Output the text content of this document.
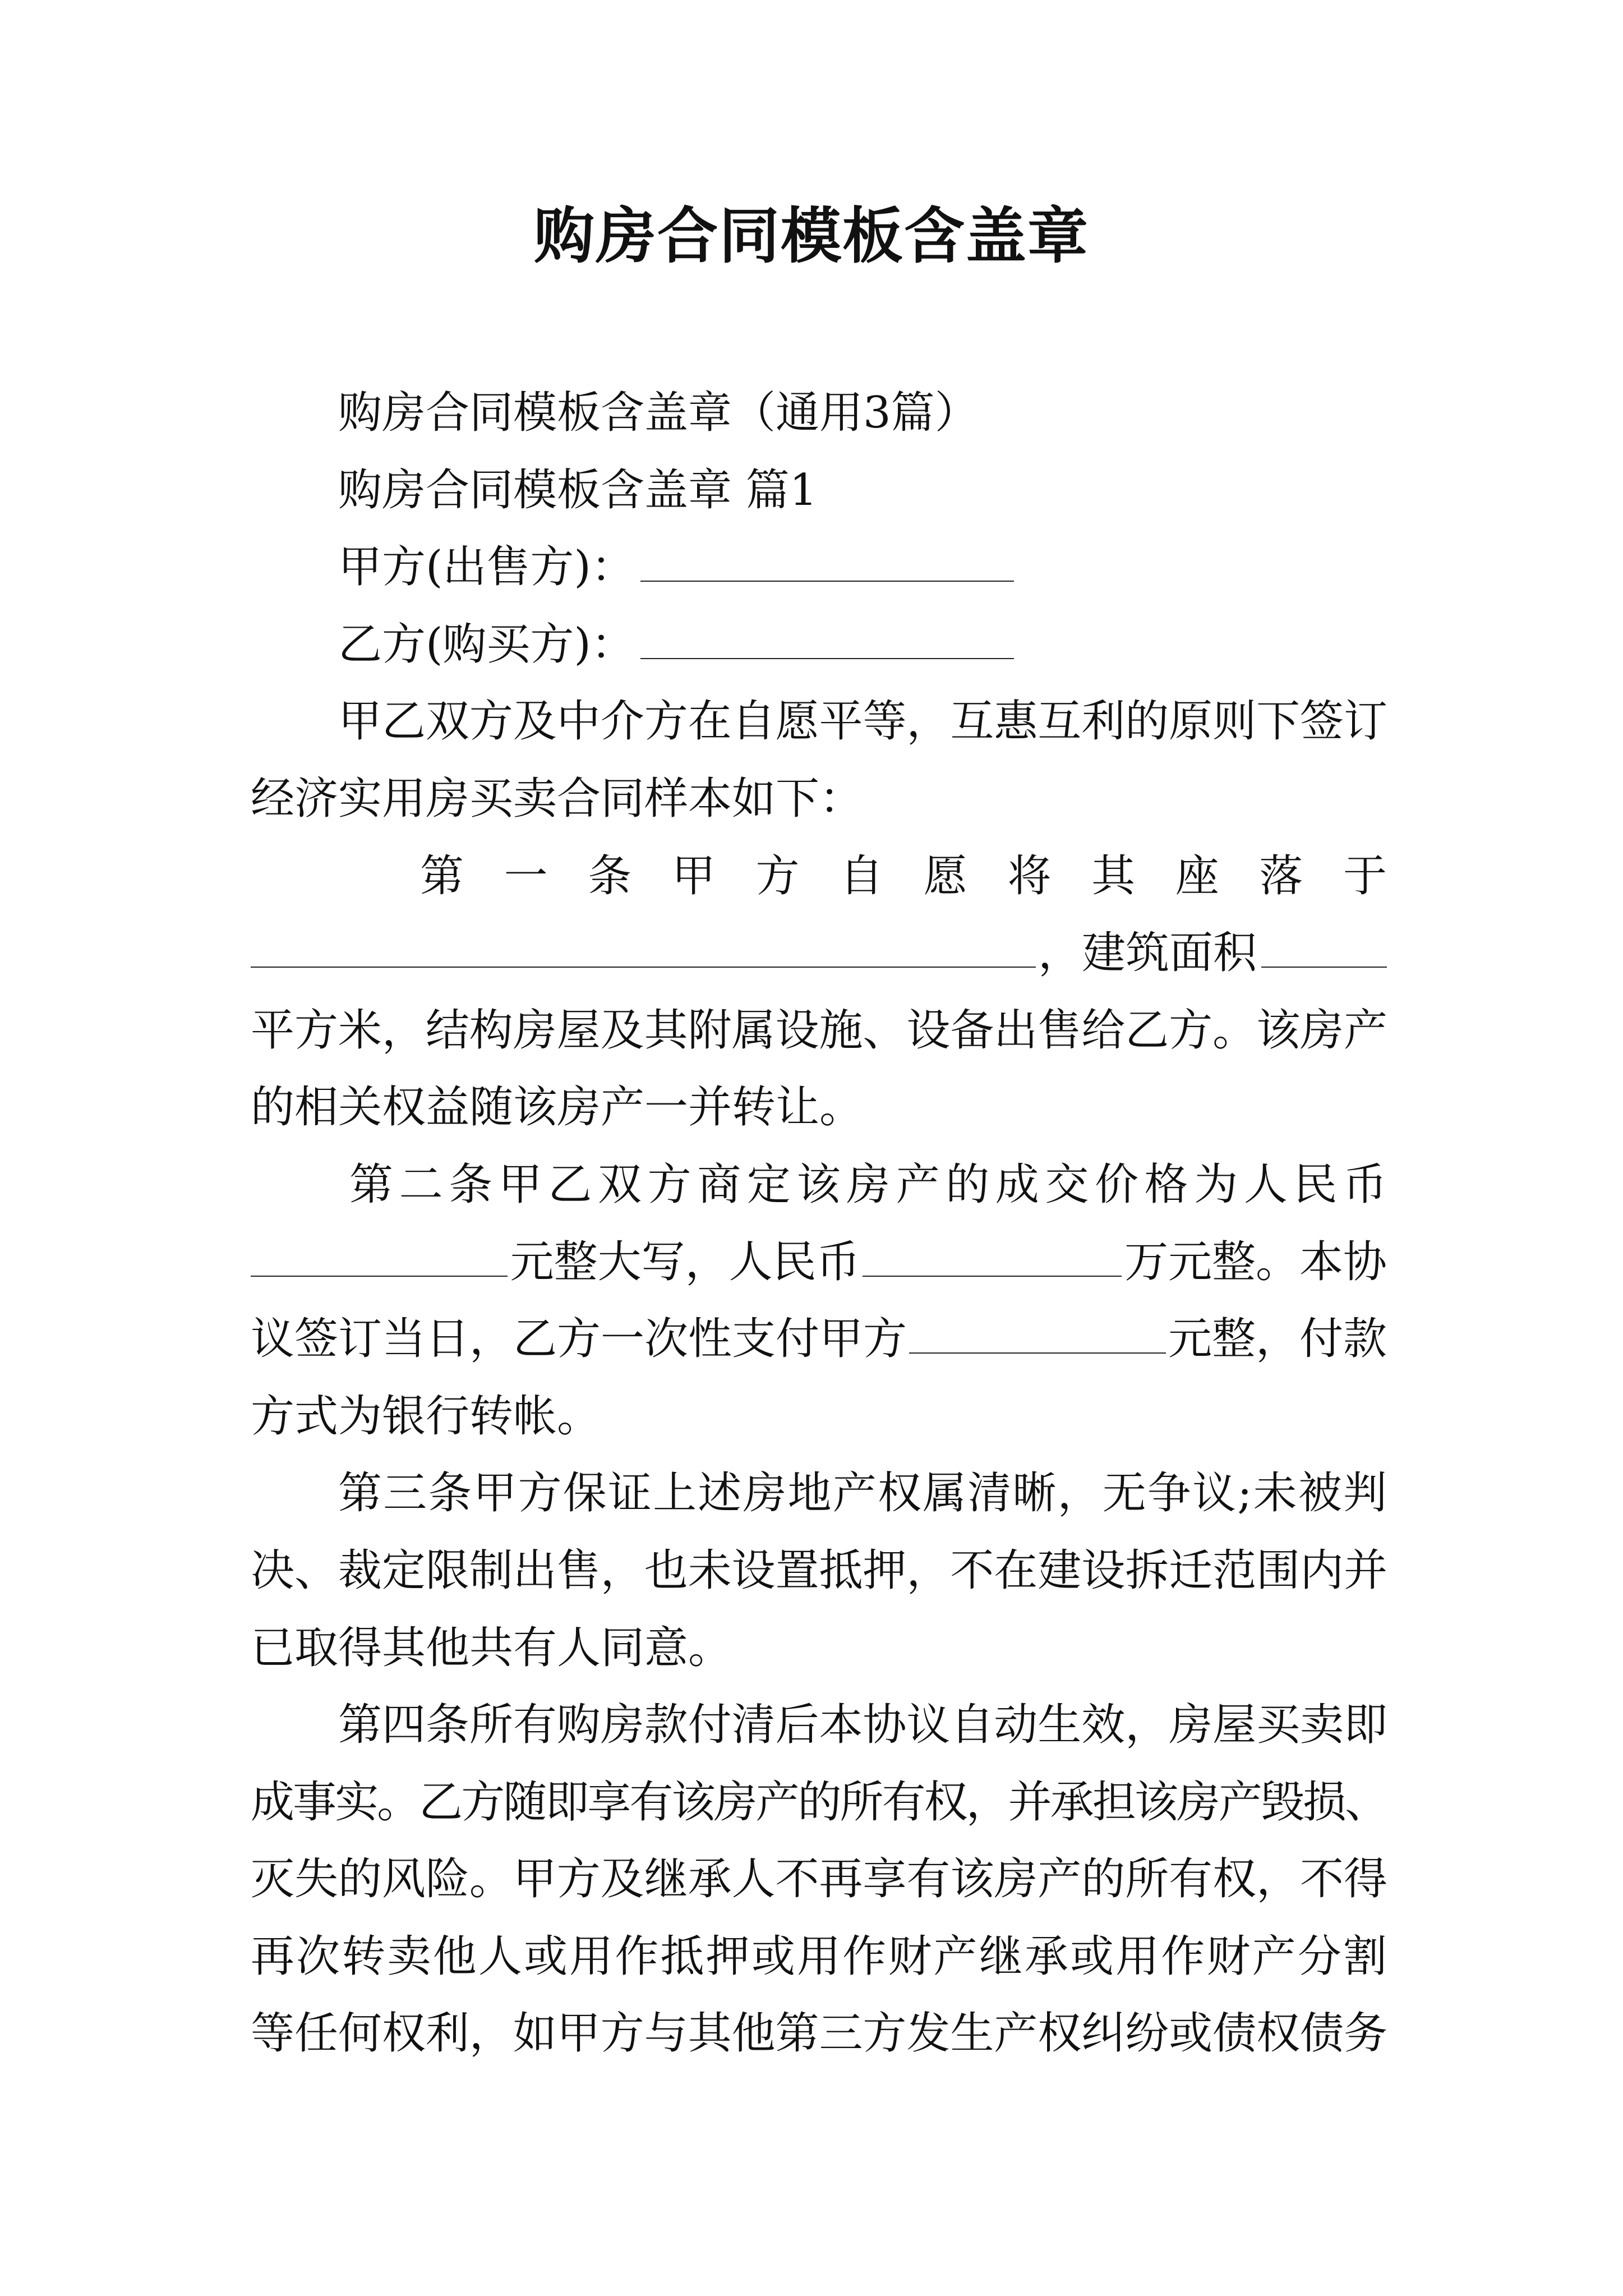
购房合同模板含盖章
购房合同模板含盖章（通用3篇）
购房合同模板含盖章 篇1
甲方(出售方)：
乙方(购买方)：
甲乙双方及中介方在自愿平等，互惠互利的原则下签订
经济实用房买卖合同样本如下：
第一条甲方自愿将其座落于
，建筑面积
平方米，结构房屋及其附属设施、设备出售给乙方。该房产
的相关权益随该房产一并转让。
第二条甲乙双方商定该房产的成交价格为人民币
元整大写，人民币	万元整。本协
议签订当日，乙方一次性支付甲方	元整，付款
方式为银行转帐。
第三条甲方保证上述房地产权属清晰，无争议;未被判
决、裁定限制出售，也未设置抵押，不在建设拆迁范围内并
已取得其他共有人同意。
第四条所有购房款付清后本协议自动生效，房屋买卖即
成事实。乙方随即享有该房产的所有权，并承担该房产毁损、
灭失的风险。甲方及继承人不再享有该房产的所有权，不得
再次转卖他人或用作抵押或用作财产继承或用作财产分割
等任何权利，如甲方与其他第三方发生产权纠纷或债权债务
